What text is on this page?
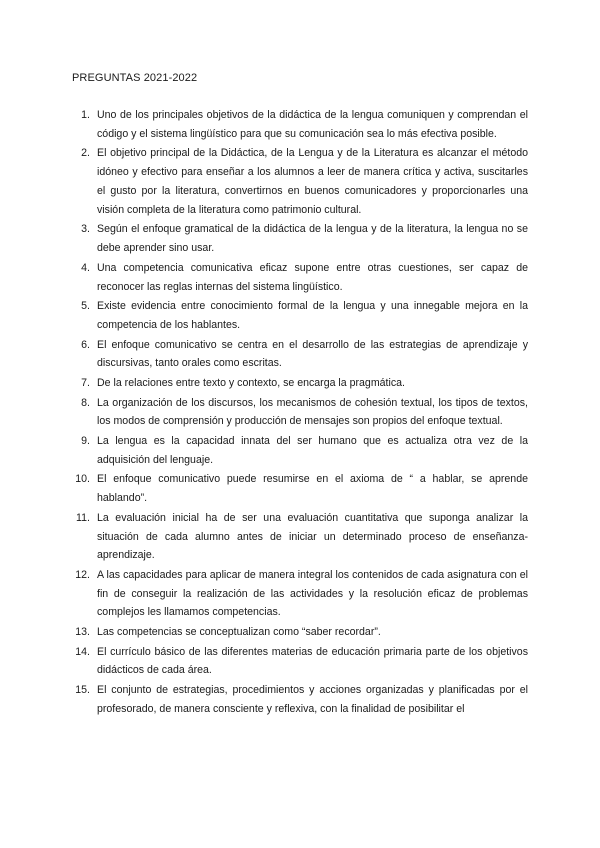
PREGUNTAS 2021-2022
1. Uno de los principales objetivos de la didáctica de la lengua comuniquen y comprendan el código y el sistema lingüístico para que su comunicación sea lo más efectiva posible.
2. El objetivo principal de la Didáctica, de la Lengua y de la Literatura es alcanzar el método idóneo y efectivo para enseñar a los alumnos a leer de manera crítica y activa, suscitarles el gusto por la literatura, convertirnos en buenos comunicadores y proporcionarles una visión completa de la literatura como patrimonio cultural.
3. Según el enfoque gramatical de la didáctica de la lengua y de la literatura, la lengua no se debe aprender sino usar.
4. Una competencia comunicativa eficaz supone entre otras cuestiones, ser capaz de reconocer las reglas internas del sistema lingüístico.
5. Existe evidencia entre conocimiento formal de la lengua y una innegable mejora en la competencia de los hablantes.
6. El enfoque comunicativo se centra en el desarrollo de las estrategias de aprendizaje y discursivas, tanto orales como escritas.
7. De la relaciones entre texto y contexto, se encarga la pragmática.
8. La organización de los discursos, los mecanismos de cohesión textual, los tipos de textos, los modos de comprensión y producción de mensajes son propios del enfoque textual.
9. La lengua es la capacidad innata del ser humano que es actualiza otra vez de la adquisición del lenguaje.
10. El enfoque comunicativo puede resumirse en el axioma de “ a hablar, se aprende hablando”.
11. La evaluación inicial ha de ser una evaluación cuantitativa que suponga analizar la situación de cada alumno antes de iniciar un determinado proceso de enseñanza-aprendizaje.
12. A las capacidades para aplicar de manera integral los contenidos de cada asignatura con el fin de conseguir la realización de las actividades y la resolución eficaz de problemas complejos les llamamos competencias.
13. Las competencias se conceptualizan como “saber recordar”.
14. El currículo básico de las diferentes materias de educación primaria parte de los objetivos didácticos de cada área.
15. El conjunto de estrategias, procedimientos y acciones organizadas y planificadas por el profesorado, de manera consciente y reflexiva, con la finalidad de posibilitar el
